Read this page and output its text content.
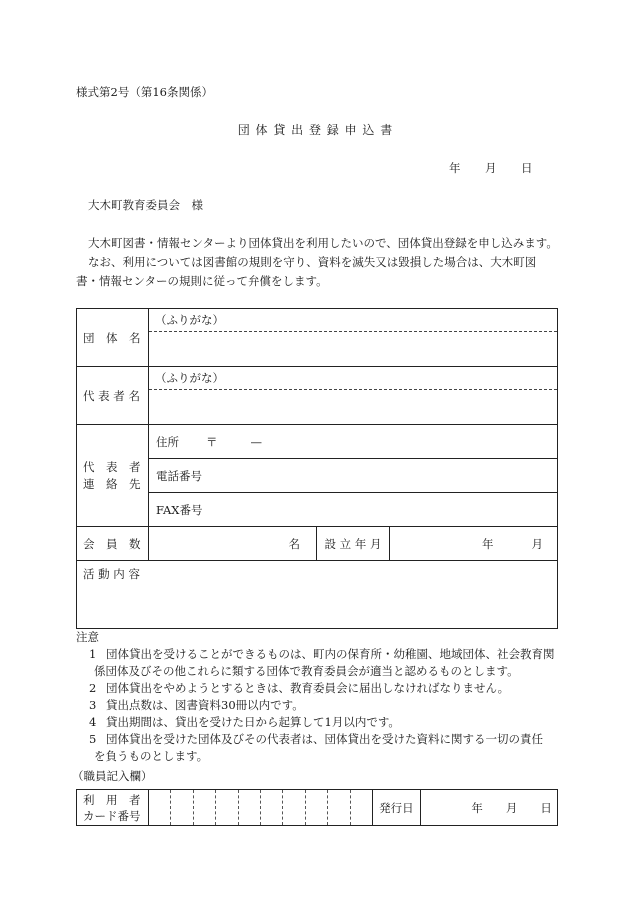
様式第2号（第16条関係）
団 体 貸 出 登 録 申 込 書
年 月 日
大木町教育委員会　様
大木町図書・情報センターより団体貸出を利用したいので、団体貸出登録を申し込みます。
なお、利用については図書館の規則を守り、資料を滅失又は毀損した場合は、大木町図
書・情報センターの規則に従って弁償をします。
団　体　名	（ふりがな）		

代 表 者 名	（ふりがな）		

代　表　者
連　絡　先	住所 〒 —		
	電話番号		
	FAX番号		
会　員　数	名	設 立 年 月	年 月
活 動 内 容			
注意
1 団体貸出を受けることができるものは、町内の保育所・幼稚園、地域団体、社会教育関
係団体及びその他これらに類する団体で教育委員会が適当と認めるものとします。
2 団体貸出をやめようとするときは、教育委員会に届出しなければなりません。
3 貸出点数は、図書資料30冊以内です。
4 貸出期間は、貸出を受けた日から起算して1月以内です。
5 団体貸出を受けた団体及びその代表者は、団体貸出を受けた資料に関する一切の責任
を負うものとします。
（職員記入欄）
利　用　者
カード番号
											発行日	年 月 日
